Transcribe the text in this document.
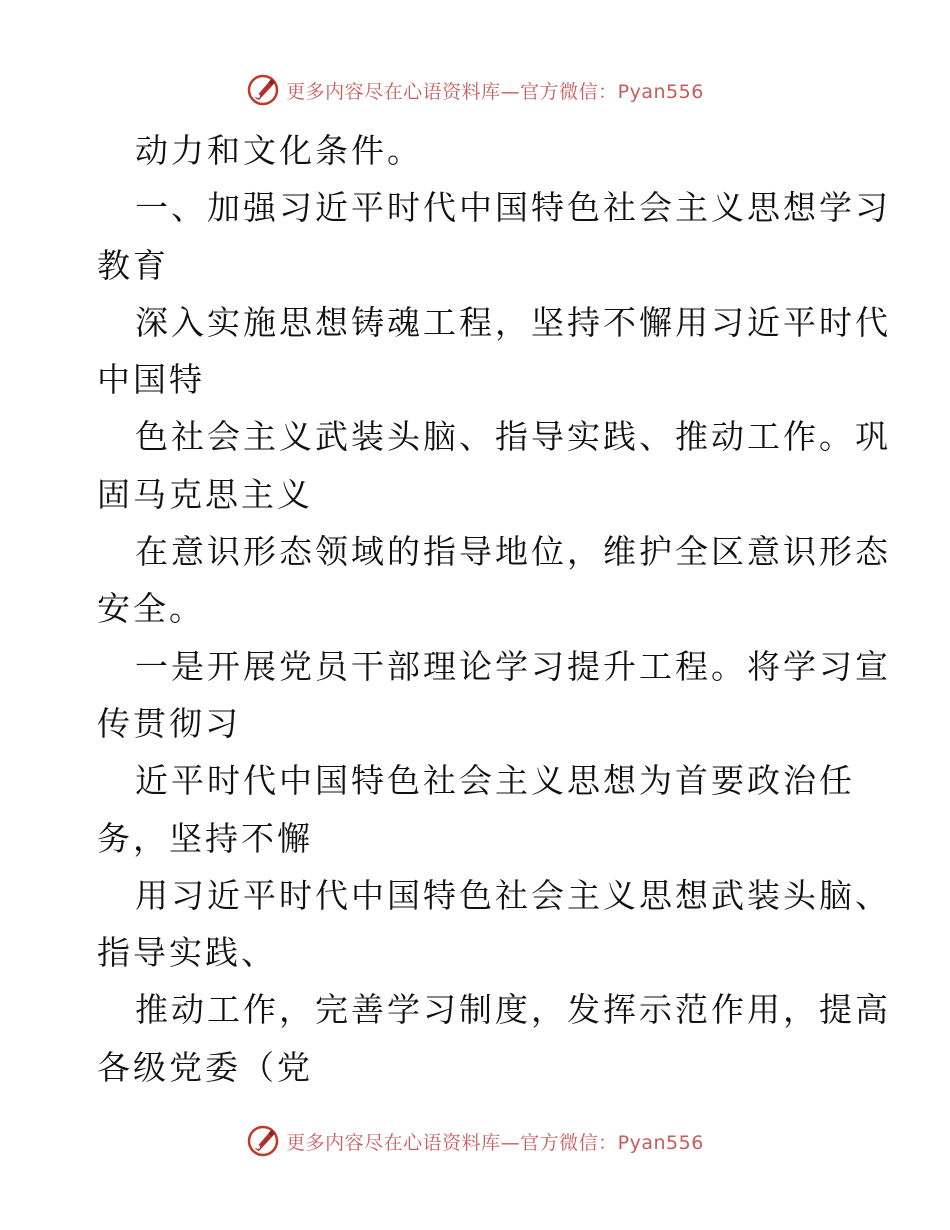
更多内容尽在心语资料库—官方微信：Pyan556
动力和文化条件。
一、加强习近平时代中国特色社会主义思想学习
教育
深入实施思想铸魂工程，坚持不懈用习近平时代
中国特
色社会主义武装头脑、指导实践、推动工作。巩
固马克思主义
在意识形态领域的指导地位，维护全区意识形态
安全。
一是开展党员干部理论学习提升工程。将学习宣
传贯彻习
近平时代中国特色社会主义思想为首要政治任
务，坚持不懈
用习近平时代中国特色社会主义思想武装头脑、
指导实践、
推动工作，完善学习制度，发挥示范作用，提高
各级党委（党
更多内容尽在心语资料库—官方微信：Pyan556
